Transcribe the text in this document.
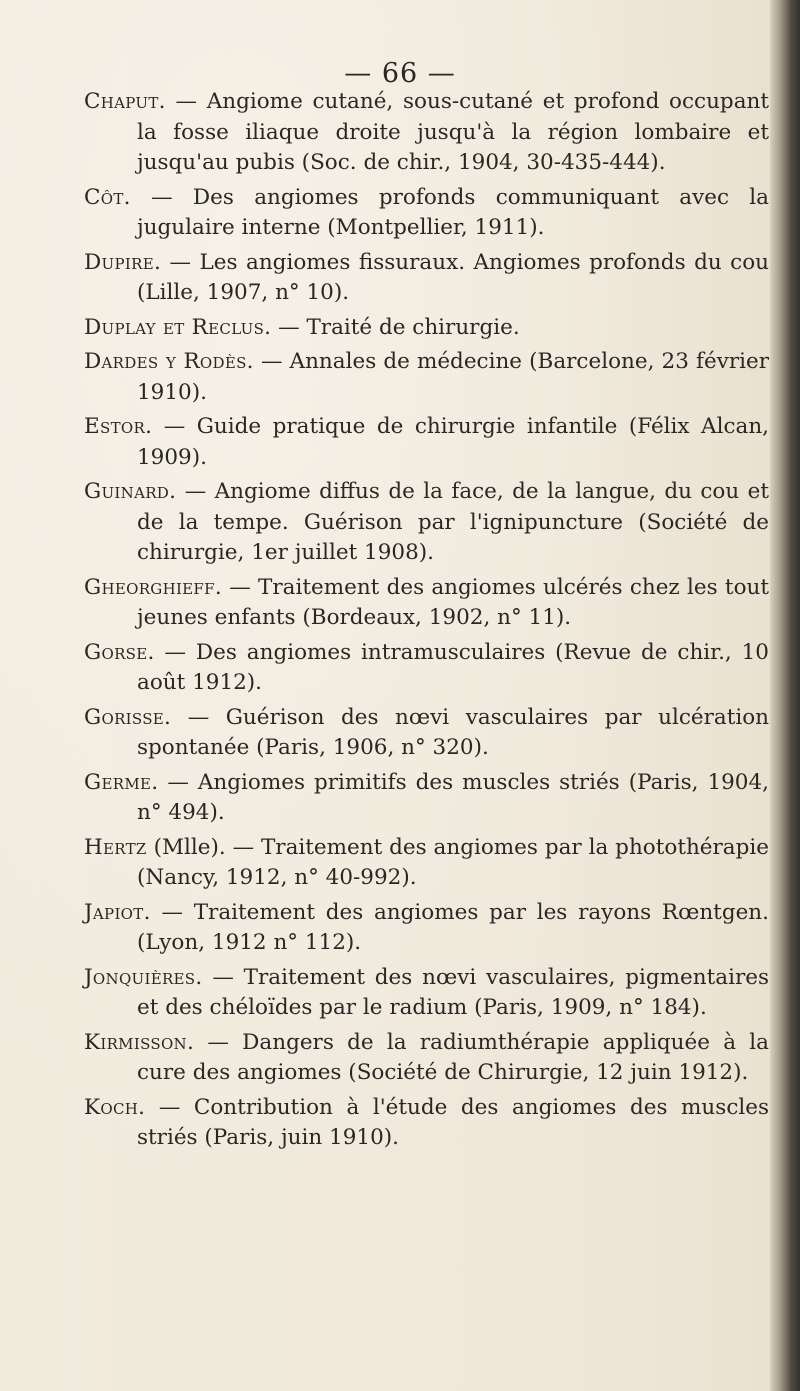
— 66 —
Chaput. — Angiome cutané, sous-cutané et profond occupant la fosse iliaque droite jusqu'à la région lombaire et jusqu'au pubis (Soc. de chir., 1904, 30-435-444).
Côt. — Des angiomes profonds communiquant avec la jugulaire interne (Montpellier, 1911).
Dupire. — Les angiomes fissuraux. Angiomes profonds du cou (Lille, 1907, n° 10).
Duplay et Reclus. — Traité de chirurgie.
Dardes y Rodès. — Annales de médecine (Barcelone, 23 février 1910).
Estor. — Guide pratique de chirurgie infantile (Félix Alcan, 1909).
Guinard. — Angiome diffus de la face, de la langue, du cou et de la tempe. Guérison par l'ignipuncture (Société de chirurgie, 1er juillet 1908).
Gheorghieff. — Traitement des angiomes ulcérés chez les tout jeunes enfants (Bordeaux, 1902, n° 11).
Gorse. — Des angiomes intramusculaires (Revue de chir., 10 août 1912).
Gorisse. — Guérison des nœvi vasculaires par ulcération spontanée (Paris, 1906, n° 320).
Germe. — Angiomes primitifs des muscles striés (Paris, 1904, n° 494).
Hertz (Mlle). — Traitement des angiomes par la photothérapie (Nancy, 1912, n° 40-992).
Japiot. — Traitement des angiomes par les rayons Rœntgen. (Lyon, 1912 n° 112).
Jonquières. — Traitement des nœvi vasculaires, pigmentaires et des chéloïdes par le radium (Paris, 1909, n° 184).
Kirmisson. — Dangers de la radiumthérapie appliquée à la cure des angiomes (Société de Chirurgie, 12 juin 1912).
Koch. — Contribution à l'étude des angiomes des muscles striés (Paris, juin 1910).
